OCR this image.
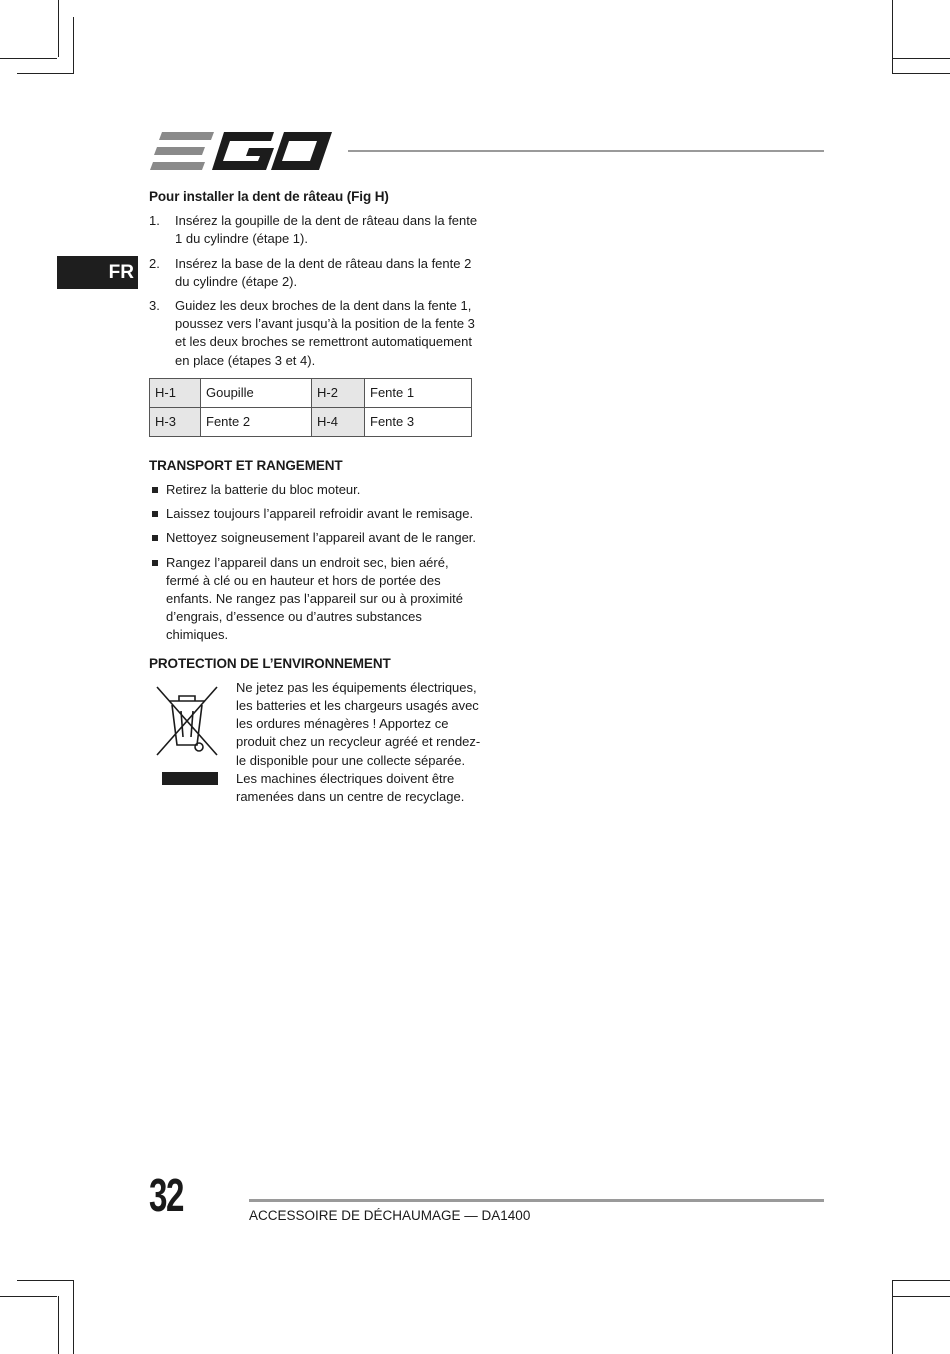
FR
Pour installer la dent de râteau (Fig H)
1. Insérez la goupille de la dent de râteau dans la fente 1 du cylindre (étape 1).
2. Insérez la base de la dent de râteau dans la fente 2 du cylindre (étape 2).
3. Guidez les deux broches de la dent dans la fente 1, poussez vers l’avant jusqu’à la position de la fente 3 et les deux broches se remettront automatiquement en place (étapes 3 et 4).
H-1	Goupille	H-2	Fente 1
H-3	Fente 2	H-4	Fente 3
TRANSPORT ET RANGEMENT
Retirez la batterie du bloc moteur.
Laissez toujours l’appareil refroidir avant le remisage.
Nettoyez soigneusement l’appareil avant de le ranger.
Rangez l’appareil dans un endroit sec, bien aéré, fermé à clé ou en hauteur et hors de portée des enfants. Ne rangez pas l’appareil sur ou à proximité d’engrais, d’essence ou d’autres substances chimiques.
PROTECTION DE L’ENVIRONNEMENT
Ne jetez pas les équipements électriques, les batteries et les chargeurs usagés avec les ordures ménagères ! Apportez ce produit chez un recycleur agréé et rendez-le disponible pour une collecte séparée. Les machines électriques doivent être ramenées dans un centre de recyclage.
32	ACCESSOIRE DE DÉCHAUMAGE — DA1400
